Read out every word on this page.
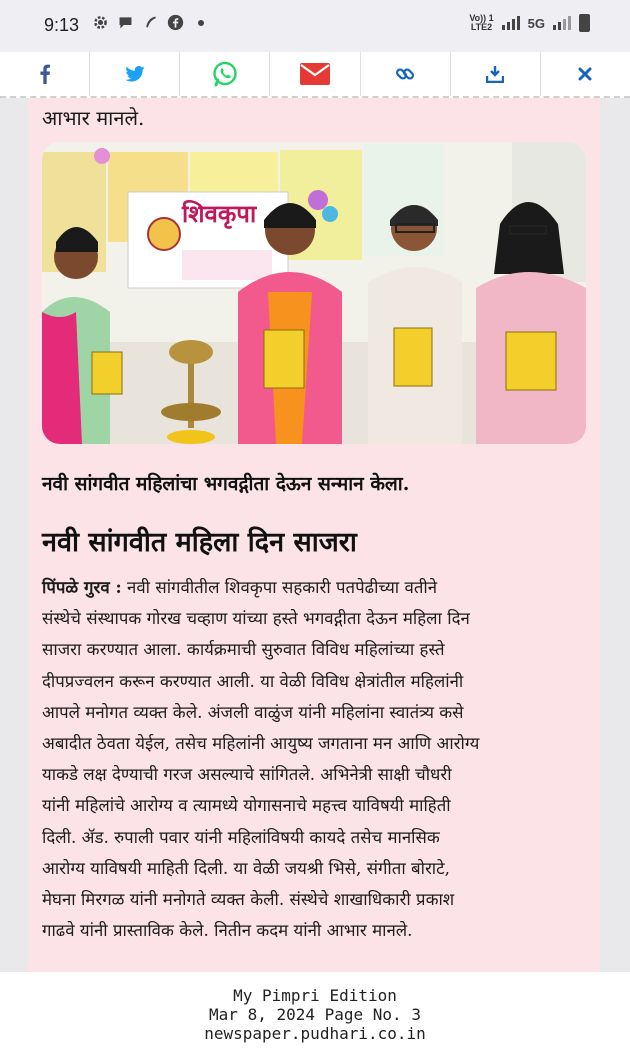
9:13	Vo)) 1
LTE2	5G
आभार मानले.
शिवकृपा
नवी सांगवीत महिलांचा भगवद्गीता देऊन सन्मान केला.
नवी सांगवीत महिला दिन साजरा
पिंपळे गुरव : नवी सांगवीतील शिवकृपा सहकारी पतपेढीच्या वतीने
संस्थेचे संस्थापक गोरख चव्हाण यांच्या हस्ते भगवद्गीता देऊन महिला दिन
साजरा करण्यात आला. कार्यक्रमाची सुरुवात विविध महिलांच्या हस्ते
दीपप्रज्वलन करून करण्यात आली. या वेळी विविध क्षेत्रांतील महिलांनी
आपले मनोगत व्यक्त केले. अंजली वाळुंज यांनी महिलांना स्वातंत्र्य कसे
अबादीत ठेवता येईल, तसेच महिलांनी आयुष्य जगताना मन आणि आरोग्य
याकडे लक्ष देण्याची गरज असल्याचे सांगितले. अभिनेत्री साक्षी चौधरी
यांनी महिलांचे आरोग्य व त्यामध्ये योगासनाचे महत्त्व याविषयी माहिती
दिली. ॲड. रुपाली पवार यांनी महिलांविषयी कायदे तसेच मानसिक
आरोग्य याविषयी माहिती दिली. या वेळी जयश्री भिसे, संगीता बोराटे,
मेघना मिरगळ यांनी मनोगते व्यक्त केली. संस्थेचे शाखाधिकारी प्रकाश
गाढवे यांनी प्रास्ताविक केले. नितीन कदम यांनी आभार मानले.
My Pimpri Edition
Mar 8, 2024 Page No. 3
newspaper.pudhari.co.in
